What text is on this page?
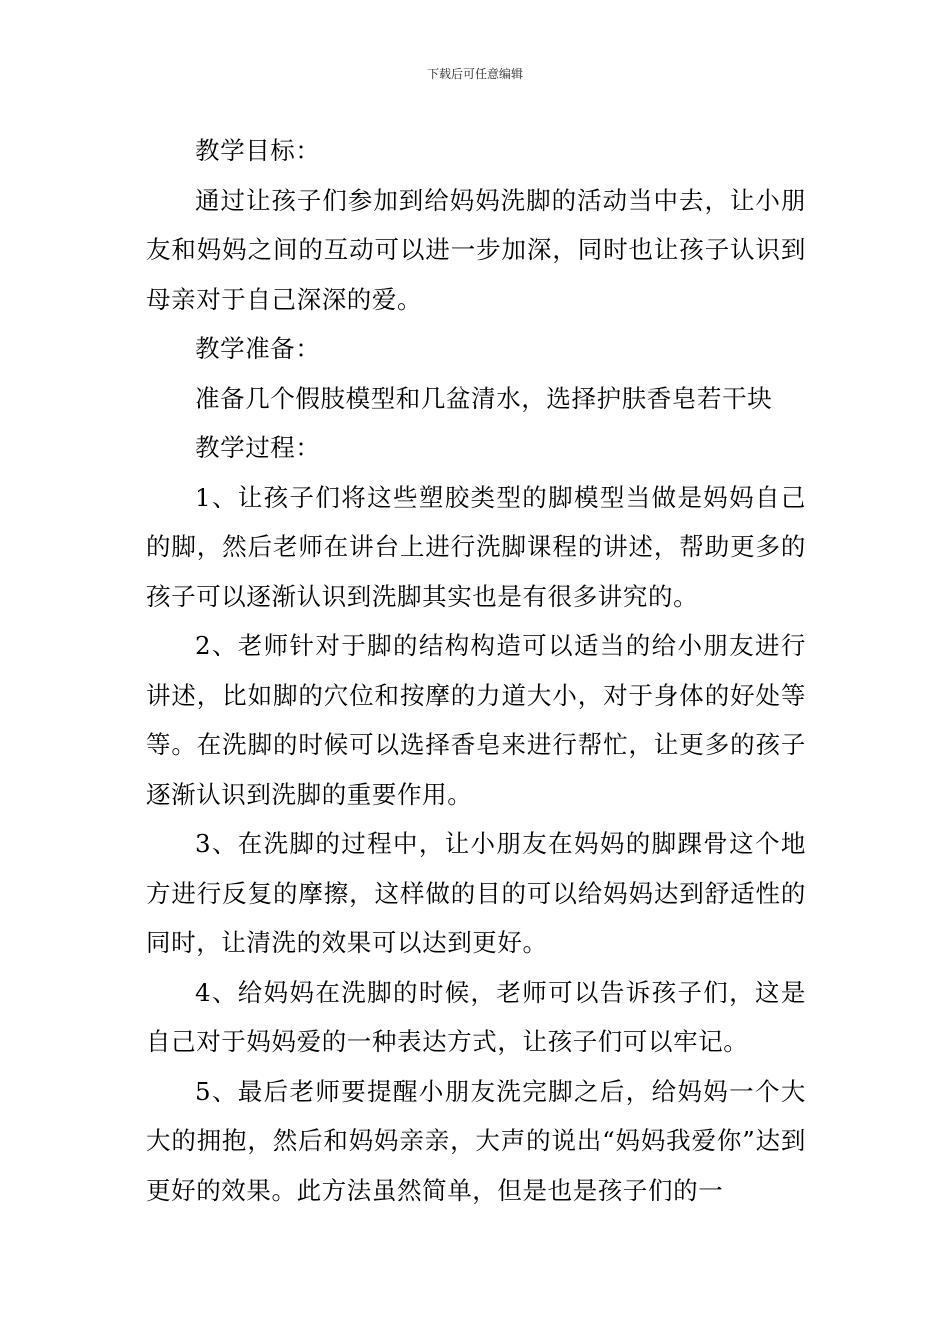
下载后可任意编辑

教学目标：

通过让孩子们参加到给妈妈洗脚的活动当中去，让小朋友和妈妈之间的互动可以进一步加深，同时也让孩子认识到母亲对于自己深深的爱。

教学准备：

准备几个假肢模型和几盆清水，选择护肤香皂若干块

教学过程：

1、让孩子们将这些塑胶类型的脚模型当做是妈妈自己的脚，然后老师在讲台上进行洗脚课程的讲述，帮助更多的孩子可以逐渐认识到洗脚其实也是有很多讲究的。

2、老师针对于脚的结构构造可以适当的给小朋友进行讲述，比如脚的穴位和按摩的力道大小，对于身体的好处等等。在洗脚的时候可以选择香皂来进行帮忙，让更多的孩子逐渐认识到洗脚的重要作用。

3、在洗脚的过程中，让小朋友在妈妈的脚踝骨这个地方进行反复的摩擦，这样做的目的可以给妈妈达到舒适性的同时，让清洗的效果可以达到更好。

4、给妈妈在洗脚的时候，老师可以告诉孩子们，这是自己对于妈妈爱的一种表达方式，让孩子们可以牢记。

5、最后老师要提醒小朋友洗完脚之后，给妈妈一个大大的拥抱，然后和妈妈亲亲，大声的说出“妈妈我爱你”达到更好的效果。此方法虽然简单，但是也是孩子们的一
